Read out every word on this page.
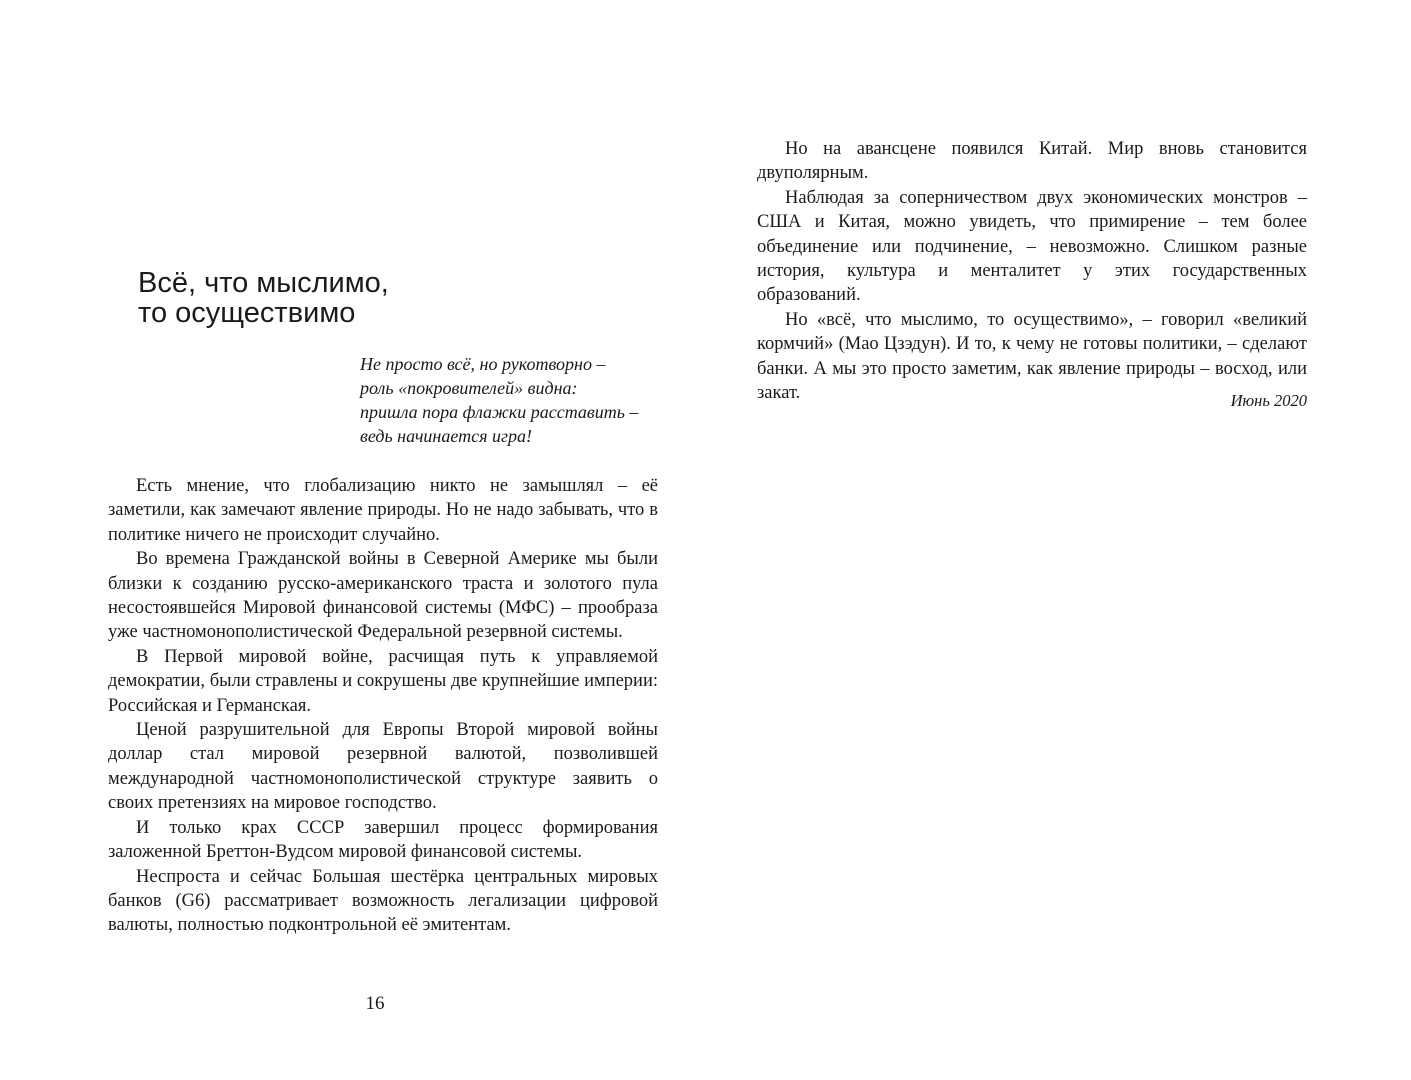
Всё, что мыслимо,
то осуществимо
Не просто всё, но рукотворно –
роль «покровителей» видна:
пришла пора флажки расставить –
ведь начинается игра!

Есть мнение, что глобализацию никто не замышлял – её заметили, как замечают явление природы. Но не надо забывать, что в политике ничего не происходит случайно.

Во времена Гражданской войны в Северной Америке мы были близки к созданию русско-американского траста и золотого пула несостоявшейся Мировой финансовой системы (МФС) – прообраза уже частномонополистической Федеральной резервной системы.

В Первой мировой войне, расчищая путь к управляемой демократии, были стравлены и сокрушены две крупнейшие империи: Российская и Германская.

Ценой разрушительной для Европы Второй мировой войны доллар стал мировой резервной валютой, позволившей международной частномонополистической структуре заявить о своих претензиях на мировое господство.

И только крах СССР завершил процесс формирования заложенной Бреттон-Вудсом мировой финансовой системы.

Неспроста и сейчас Большая шестёрка центральных мировых банков (G6) рассматривает возможность легализации цифровой валюты, полностью подконтрольной её эмитентам.

16

Но на авансцене появился Китай. Мир вновь становится двуполярным.

Наблюдая за соперничеством двух экономических монстров – США и Китая, можно увидеть, что примирение – тем более объединение или подчинение, – невозможно. Слишком разные история, культура и менталитет у этих государственных образований.

Но «всё, что мыслимо, то осуществимо», – говорил «великий кормчий» (Мао Цзэдун). И то, к чему не готовы политики, – сделают банки. А мы это просто заметим, как явление природы – восход, или закат.	Июнь 2020
